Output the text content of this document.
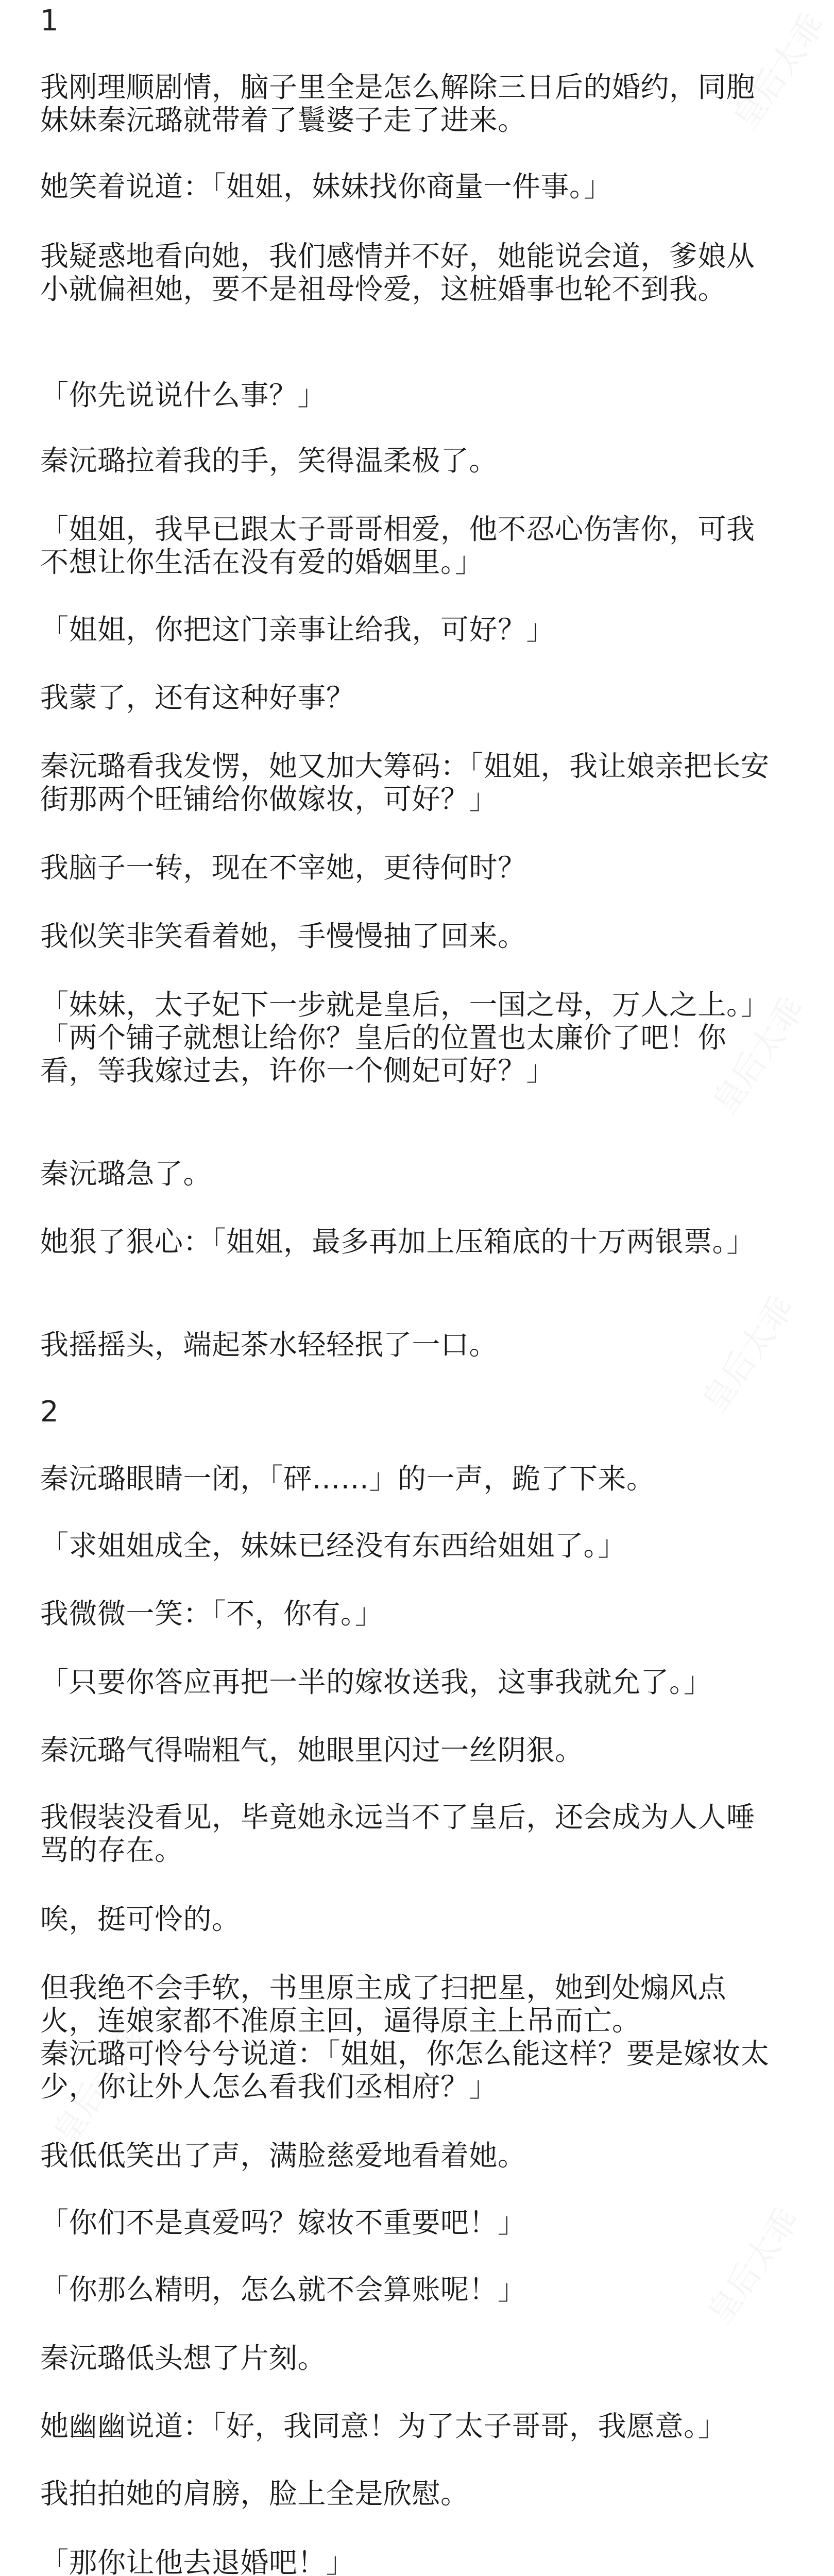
1
我刚理顺剧情，脑子里全是怎么解除三日后的婚约，同胞妹妹秦沅璐就带着了鬟婆子走了进来。
她笑着说道：「姐姐，妹妹找你商量一件事。」
我疑惑地看向她，我们感情并不好，她能说会道，爹娘从小就偏袒她，要不是祖母怜爱，这桩婚事也轮不到我。
「你先说说什么事？」
秦沅璐拉着我的手，笑得温柔极了。
「姐姐，我早已跟太子哥哥相爱，他不忍心伤害你，可我不想让你生活在没有爱的婚姻里。」
「姐姐，你把这门亲事让给我，可好？」
我蒙了，还有这种好事？
秦沅璐看我发愣，她又加大筹码：「姐姐，我让娘亲把长安街那两个旺铺给你做嫁妆，可好？」
我脑子一转，现在不宰她，更待何时？
我似笑非笑看着她，手慢慢抽了回来。
「妹妹，太子妃下一步就是皇后，一国之母，万人之上。」
「两个铺子就想让给你？皇后的位置也太廉价了吧！你看，等我嫁过去，许你一个侧妃可好？」
秦沅璐急了。
她狠了狠心：「姐姐，最多再加上压箱底的十万两银票。」
我摇摇头，端起茶水轻轻抿了一口。
2
秦沅璐眼睛一闭，「砰……」的一声，跪了下来。
「求姐姐成全，妹妹已经没有东西给姐姐了。」
我微微一笑：「不，你有。」
「只要你答应再把一半的嫁妆送我，这事我就允了。」
秦沅璐气得喘粗气，她眼里闪过一丝阴狠。
我假装没看见，毕竟她永远当不了皇后，还会成为人人唾骂的存在。
唉，挺可怜的。
但我绝不会手软，书里原主成了扫把星，她到处煽风点火，连娘家都不准原主回，逼得原主上吊而亡。
秦沅璐可怜兮兮说道：「姐姐，你怎么能这样？要是嫁妆太少，你让外人怎么看我们丞相府？」
我低低笑出了声，满脸慈爱地看着她。
「你们不是真爱吗？嫁妆不重要吧！」
「你那么精明，怎么就不会算账呢！」
秦沅璐低头想了片刻。
她幽幽说道：「好，我同意！为了太子哥哥，我愿意。」
我拍拍她的肩膀，脸上全是欣慰。
「那你让他去退婚吧！」
皇后太乖
皇后太乖
皇后太乖
皇后太乖
皇后太乖
